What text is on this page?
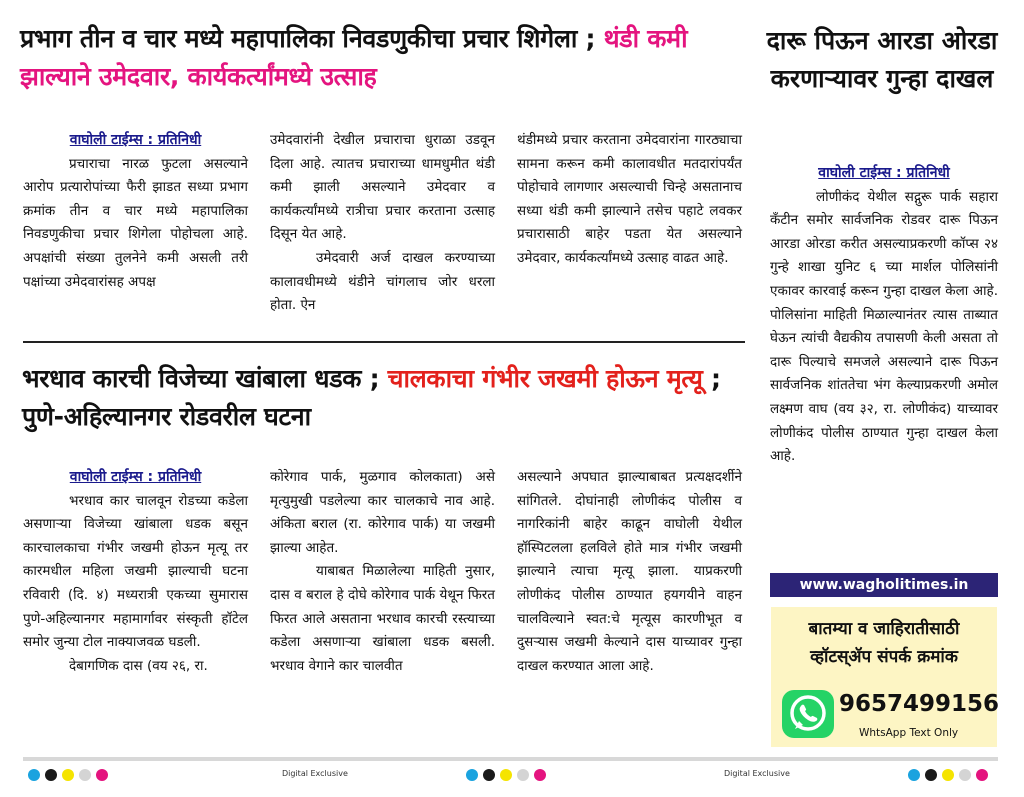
प्रभाग तीन व चार मध्ये महापालिका निवडणुकीचा प्रचार शिगेला ; थंडी कमी झाल्याने उमेदवार, कार्यकर्त्यांमध्ये उत्साह
वाघोली टाईम्स : प्रतिनिधी

प्रचाराचा नारळ फुटला असल्याने आरोप प्रत्यारोपांच्या फैरी झाडत सध्या प्रभाग क्रमांक तीन व चार मध्ये महापालिका निवडणुकीचा प्रचार शिगेला पोहोचला आहे. अपक्षांची संख्या तुलनेने कमी असली तरी पक्षांच्या उमेदवारांसह अपक्ष

उमेदवारांनी देखील प्रचाराचा धुराळा उडवून दिला आहे. त्यातच प्रचाराच्या धामधुमीत थंडी कमी झाली असल्याने उमेदवार व कार्यकर्त्यांमध्ये रात्रीचा प्रचार करताना उत्साह दिसून येत आहे.

उमेदवारी अर्ज दाखल करण्याच्या कालावधीमध्ये थंडीने चांगलाच जोर धरला होता. ऐन

थंडीमध्ये प्रचार करताना उमेदवारांना गारठ्याचा सामना करून कमी कालावधीत मतदारांपर्यंत पोहोचावे लागणार असल्याची चिन्हे असतानाच सध्या थंडी कमी झाल्याने तसेच पहाटे लवकर प्रचारासाठी बाहेर पडता येत असल्याने उमेदवार, कार्यकर्त्यांमध्ये उत्साह वाढत आहे.

भरधाव कारची विजेच्या खांबाला धडक ; चालकाचा गंभीर जखमी होऊन मृत्यू ; पुणे-अहिल्यानगर रोडवरील घटना
वाघोली टाईम्स : प्रतिनिधी

भरधाव कार चालवून रोडच्या कडेला असणाऱ्या विजेच्या खांबाला धडक बसून कारचालकाचा गंभीर जखमी होऊन मृत्यू तर कारमधील महिला जखमी झाल्याची घटना रविवारी (दि. ४) मध्यरात्री एकच्या सुमारास पुणे-अहिल्यानगर महामार्गावर संस्कृती हॉटेल समोर जुन्या टोल नाक्याजवळ घडली.

देबागणिक दास (वय २६, रा.

कोरेगाव पार्क, मुळगाव कोलकाता) असे मृत्युमुखी पडलेल्या कार चालकाचे नाव आहे. अंकिता बराल (रा. कोरेगाव पार्क) या जखमी झाल्या आहेत.

याबाबत मिळालेल्या माहिती नुसार, दास व बराल हे दोघे कोरेगाव पार्क येथून फिरत फिरत आले असताना भरधाव कारची रस्त्याच्या कडेला असणाऱ्या खांबाला धडक बसली. भरधाव वेगाने कार चालवीत

असल्याने अपघात झाल्याबाबत प्रत्यक्षदर्शीने सांगितले. दोघांनाही लोणीकंद पोलीस व नागरिकांनी बाहेर काढून वाघोली येथील हॉस्पिटलला हलविले होते मात्र गंभीर जखमी झाल्याने त्याचा मृत्यू झाला. याप्रकरणी लोणीकंद पोलीस ठाण्यात हयगयीने वाहन चालविल्याने स्वत:चे मृत्यूस कारणीभूत व दुसऱ्यास जखमी केल्याने दास याच्यावर गुन्हा दाखल करण्यात आला आहे.

दारू पिऊन आरडा ओरडा करणाऱ्यावर गुन्हा दाखल
वाघोली टाईम्स : प्रतिनिधी

लोणीकंद येथील सद्गुरू पार्क सहारा कँटीन समोर सार्वजनिक रोडवर दारू पिऊन आरडा ओरडा करीत असल्याप्रकरणी कॉप्स २४ गुन्हे शाखा युनिट ६ च्या मार्शल पोलिसांनी एकावर कारवाई करून गुन्हा दाखल केला आहे. पोलिसांना माहिती मिळाल्यानंतर त्यास ताब्यात घेऊन त्यांची वैद्यकीय तपासणी केली असता तो दारू पिल्याचे समजले असल्याने दारू पिऊन सार्वजनिक शांततेचा भंग केल्याप्रकरणी अमोल लक्ष्मण वाघ (वय ३२, रा. लोणीकंद) याच्यावर लोणीकंद पोलीस ठाण्यात गुन्हा दाखल केला आहे.

www.wagholitimes.in
बातम्या व जाहिरातीसाठी
व्हॉटस्ॲप संपर्क क्रमांक
9657499156
WhtsApp Text Only
Digital Exclusive	Digital Exclusive
